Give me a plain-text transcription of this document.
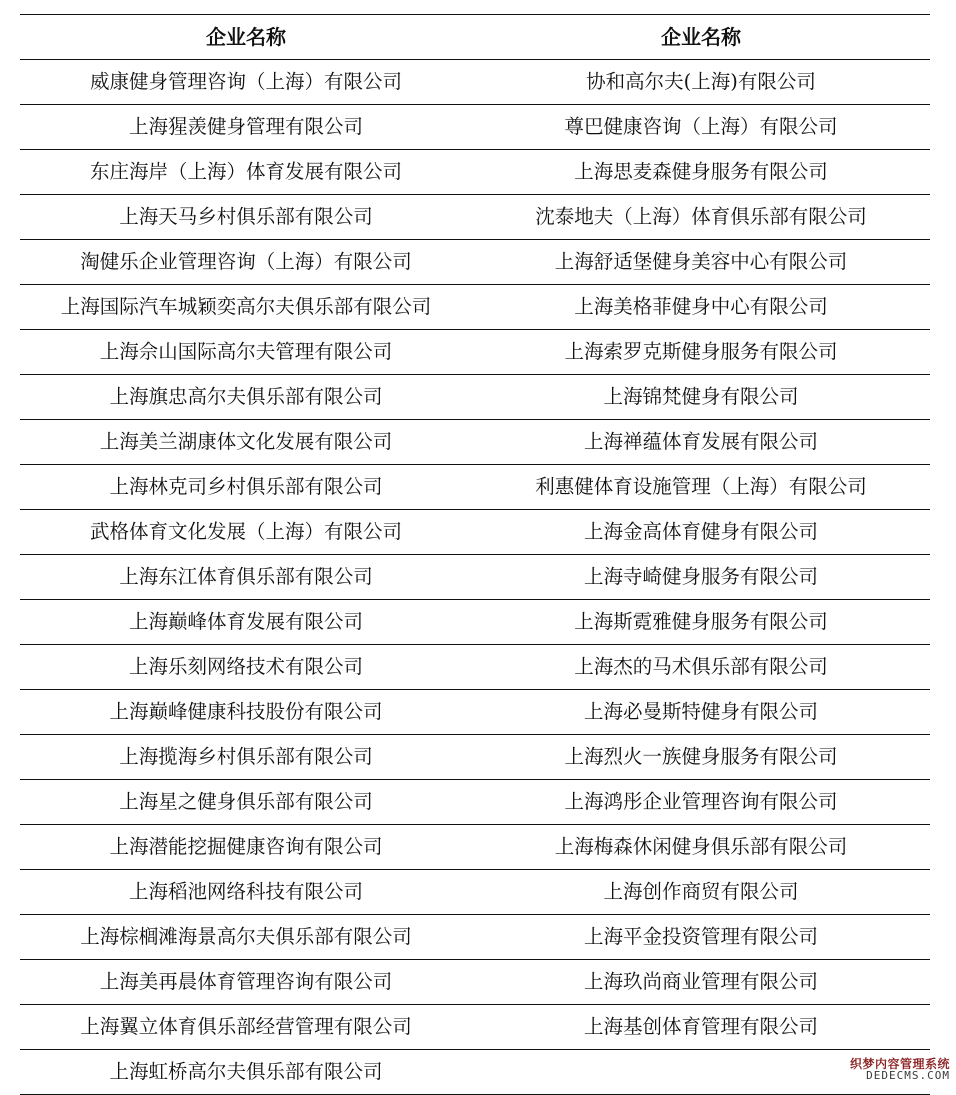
企业名称	企业名称
威康健身管理咨询（上海）有限公司	协和高尔夫(上海)有限公司
上海猩羡健身管理有限公司	尊巴健康咨询（上海）有限公司
东庄海岸（上海）体育发展有限公司	上海思麦森健身服务有限公司
上海天马乡村俱乐部有限公司	沈泰地夫（上海）体育俱乐部有限公司
淘健乐企业管理咨询（上海）有限公司	上海舒适堡健身美容中心有限公司
上海国际汽车城颖奕高尔夫俱乐部有限公司	上海美格菲健身中心有限公司
上海佘山国际高尔夫管理有限公司	上海索罗克斯健身服务有限公司
上海旗忠高尔夫俱乐部有限公司	上海锦梵健身有限公司
上海美兰湖康体文化发展有限公司	上海禅蕴体育发展有限公司
上海林克司乡村俱乐部有限公司	利惠健体育设施管理（上海）有限公司
武格体育文化发展（上海）有限公司	上海金高体育健身有限公司
上海东江体育俱乐部有限公司	上海寺崎健身服务有限公司
上海巅峰体育发展有限公司	上海斯霓雅健身服务有限公司
上海乐刻网络技术有限公司	上海杰的马术俱乐部有限公司
上海巅峰健康科技股份有限公司	上海必曼斯特健身有限公司
上海揽海乡村俱乐部有限公司	上海烈火一族健身服务有限公司
上海星之健身俱乐部有限公司	上海鸿彤企业管理咨询有限公司
上海潜能挖掘健康咨询有限公司	上海梅森休闲健身俱乐部有限公司
上海稻池网络科技有限公司	上海创作商贸有限公司
上海棕榈滩海景高尔夫俱乐部有限公司	上海平金投资管理有限公司
上海美再晨体育管理咨询有限公司	上海玖尚商业管理有限公司
上海翼立体育俱乐部经营管理有限公司	上海基创体育管理有限公司
上海虹桥高尔夫俱乐部有限公司		织梦内容管理系统
DEDECMS.COM
